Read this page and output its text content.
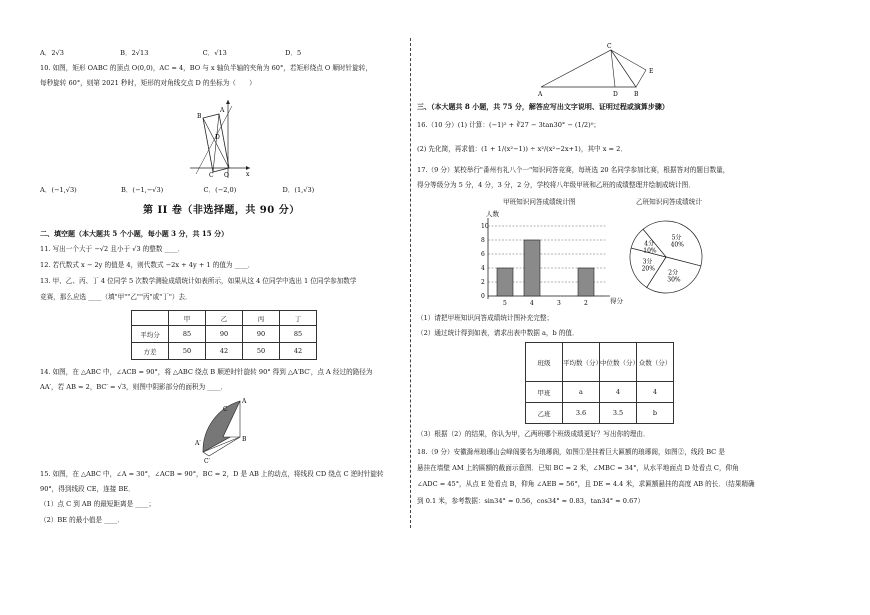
A．2√3	B．2√13	C．√13	D．5
10. 如图，矩形 OABC 的顶点 O(0,0)，AC = 4，BO 与 x 轴负半轴的夹角为 60°，若矩形绕点 O 顺时针旋转，
每秒旋转 60°，则第 2021 秒时，矩形的对角线交点 D 的坐标为（　　）
B
A
D
C O	x
A．(−1,√3)	B．(−1,−√3)	C．(−2,0)	D．(1,√3)
第 II 卷（非选择题，共 90 分）
二、填空题（本大题共 5 个小题，每小题 3 分，共 15 分）
11. 写出一个大于 −√2 且小于 √3 的整数 ____．
12. 若代数式 x − 2y 的值是 4，则代数式 −2x + 4y + 1 的值为 ____．
13. 甲、乙、丙、丁 4 位同学 5 次数学测验成绩统计如表所示，如果从这 4 位同学中选出 1 位同学参加数学
竞赛，那么应选 ____（填"甲""乙""丙"或"丁"）去．
	甲	乙	丙	丁
平均分	85	90	90	85
方差	50	42	50	42
14. 如图，在 △ABC 中，∠ACB = 90°，将 △ABC 绕点 B 顺逆时针旋转 90° 得到 △A′BC′，点 A 经过的路径为
AA′，若 AB = 2，BC′ = √3，则图中阴影部分的面积为 ____．
C
A
B
A′
C′
15. 如图，在 △ABC 中，∠A = 30°，∠ACB = 90°，BC = 2，D 是 AB 上的动点，将线段 CD 绕点 C 逆时针旋转
90°，得到线段 CE，连接 BE．
（1）点 C 到 AB 的最短距离是 ____；
（2）BE 的最小值是 ____．
C
E
A	D	B
三、（本大题共 8 小题，共 75 分，解答应写出文字说明、证明过程或演算步骤）
16.（10 分）(1) 计算：(−1)² + ∛27 − 3tan30° − (1/2)⁰；
(2) 先化简，再求值：(1 + 1/(x²−1)) ÷ x²/(x²−2x+1)，其中 x = 2．
17.（9 分）某校举行"番州有礼八个一"知识问答竞赛，每班选 20 名同学参加比赛，根据答对的题目数量，
得分等级分为 5 分，4 分，3 分，2 分，学校将八年级甲班和乙班的成绩整理并绘制成统计图．
甲班知识问答成绩统计图	乙班知识问答成绩统计
0
2
4
6
8
10
人数
得分
5	4	3	2
5分
40%
2分
30%
3分
20%
4分
10%
（1）请把甲班知识问答成绩统计图补充完整；
（2）通过统计得到如表，请求出表中数据 a，b 的值．
班级	平均数（分）	中位数（分）	众数（分）
甲班	a	4	4
乙班	3.6	3.5	b
（3）根据（2）的结果，你认为甲，乙两班哪个班级成绩更好？写出你的理由．
18.（9 分）安徽滁州琅琊山会峰阁要名为琅琊阁，如图①是挂着巨大匾额的琅琊阁，如图②，线段 BC 是
悬挂在墙壁 AM 上的匾额的截面示意图．已知 BC = 2 米，∠MBC = 34°，从水平地面点 D 处看点 C，仰角
∠ADC = 45°，从点 E 处看点 B，仰角 ∠AEB = 56°，且 DE = 4.4 米，求匾额悬挂的高度 AB 的长．（结果精确
到 0.1 米，参考数据：sin34° ≈ 0.56，cos34° ≈ 0.83，tan34° ≈ 0.67）
